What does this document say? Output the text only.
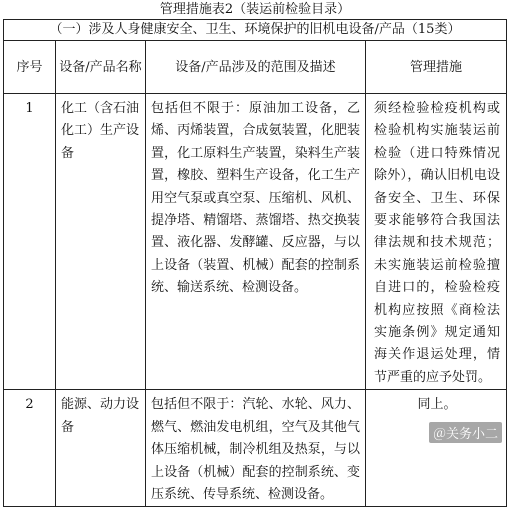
管理措施表2（装运前检验目录）
（一）涉及人身健康安全、卫生、环境保护的旧机电设备/产品（15类）			
序号	设备/产品名称	设备/产品涉及的范围及描述	管理措施
1	化工（含石油化工）生产设备	包括但不限于：原油加工设备，乙烯、丙烯装置，合成氨装置，化肥装置，化工原料生产装置，染料生产装置，橡胶、塑料生产设备，化工生产用空气泵或真空泵、压缩机、风机、提净塔、精馏塔、蒸馏塔、热交换装置、液化器、发酵罐、反应器，与以上设备（装置、机械）配套的控制系统、输送系统、检测设备。	须经检验检疫机构或检验机构实施装运前检验（进口特殊情况除外），确认旧机电设备安全、卫生、环保要求能够符合我国法律法规和技术规范；未实施装运前检验擅自进口的，检验检疫机构应按照《商检法实施条例》规定通知海关作退运处理，情节严重的应予处罚。
2	能源、动力设备	包括但不限于：汽轮、水轮、风力、燃气、燃油发电机组，空气及其他气体压缩机械，制冷机组及热泵，与以上设备（机械）配套的控制系统、变压系统、传导系统、检测设备。	同上。
＠关务小二
